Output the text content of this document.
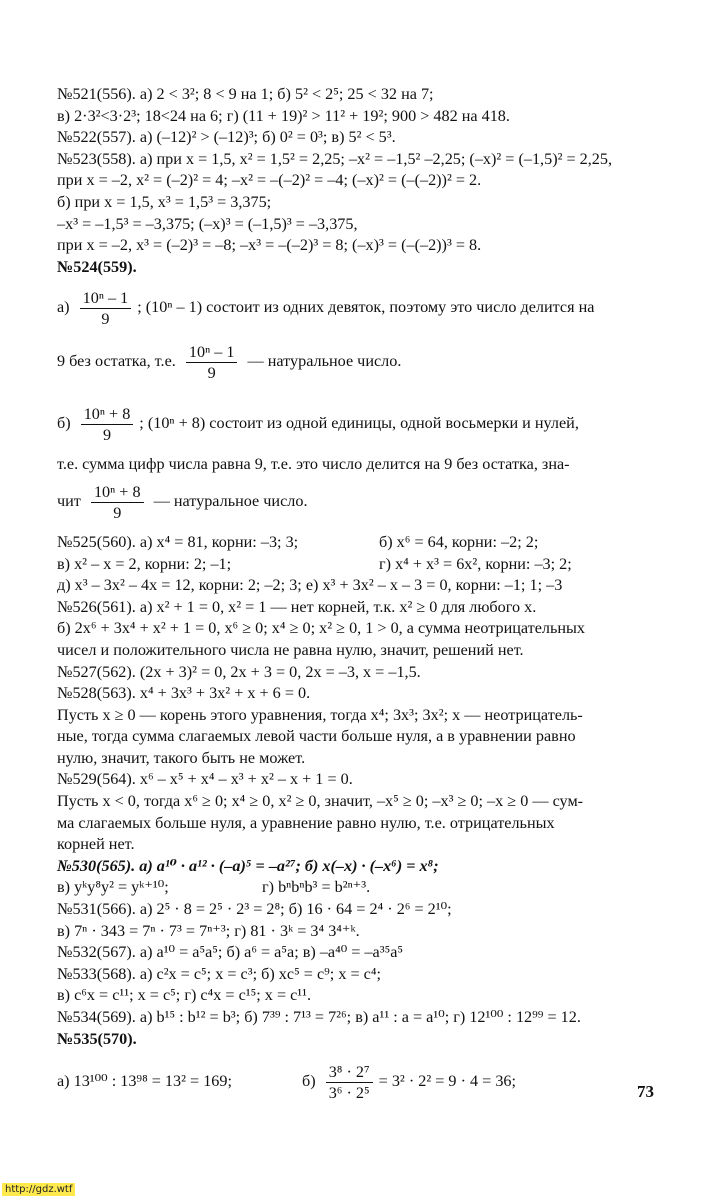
№521(556). а) 2 < 3²; 8 < 9 на 1; б) 5² < 2⁵; 25 < 32 на 7;
в) 2·3²<3·2³; 18<24 на 6; г) (11 + 19)² > 11² + 19²; 900 > 482 на 418.
№522(557). а) (–12)² > (–12)³; б) 0² = 0³; в) 5² < 5³.
№523(558). а) при x = 1,5, x² = 1,5² = 2,25; –x² = –1,5² –2,25; (–x)² = (–1,5)² = 2,25,
при x = –2, x² = (–2)² = 4; –x² = –(–2)² = –4; (–x)² = (–(–2))² = 2.
б) при x = 1,5, x³ = 1,5³ = 3,375;
–x³ = –1,5³ = –3,375; (–x)³ = (–1,5)³ = –3,375,
при x = –2, x³ = (–2)³ = –8; –x³ = –(–2)³ = 8; (–x)³ = (–(–2))³ = 8.
№524(559).
$а) \frac{\text{10ⁿ – 1}}{9}$ ; (10ⁿ – 1) состоит из одних девяток, поэтому это число делится на
9 без остатка, т.е. $\frac{\text{10ⁿ – 1}}{9}$ — натуральное число.
$б) \frac{\text{10ⁿ + 8}}{9}$ ; (10ⁿ + 8) состоит из одной единицы, одной восьмерки и нулей,
т.е. сумма цифр числа равна 9, т.е. это число делится на 9 без остатка, зна-
чит $\frac{\text{10ⁿ + 8}}{9}$ — натуральное число.
№525(560). а) x⁴ = 81, корни: –3; 3;	б) x⁶ = 64, корни: –2; 2;
в) x² – x = 2, корни: 2; –1;	г) x⁴ + x³ = 6x², корни: –3; 2;
д) x³ – 3x² – 4x = 12, корни: 2; –2; 3; е) x³ + 3x² – x – 3 = 0, корни: –1; 1; –3
№526(561). а) x² + 1 = 0, x² = 1 — нет корней, т.к. x² ≥ 0 для любого x.
б) 2x⁶ + 3x⁴ + x² + 1 = 0, x⁶ ≥ 0; x⁴ ≥ 0; x² ≥ 0, 1 > 0, а сумма неотрицательных
чисел и положительного числа не равна нулю, значит, решений нет.
№527(562). (2x + 3)² = 0, 2x + 3 = 0, 2x = –3, x = –1,5.
№528(563). x⁴ + 3x³ + 3x² + x + 6 = 0.
Пусть x ≥ 0 — корень этого уравнения, тогда x⁴; 3x³; 3x²; x — неотрицатель-
ные, тогда сумма слагаемых левой части больше нуля, а в уравнении равно
нулю, значит, такого быть не может.
№529(564). x⁶ – x⁵ + x⁴ – x³ + x² – x + 1 = 0.
Пусть x < 0, тогда x⁶ ≥ 0; x⁴ ≥ 0, x² ≥ 0, значит, –x⁵ ≥ 0; –x³ ≥ 0; –x ≥ 0 — сум-
ма слагаемых больше нуля, а уравнение равно нулю, т.е. отрицательных
корней нет.
№530(565). а) a¹⁰ · a¹² · (–a)⁵ = –a²⁷; б) x(–x) · (–x⁶) = x⁸;
в) yᵏy⁸y² = yᵏ⁺¹⁰;	г) bⁿbⁿb³ = b²ⁿ⁺³.
№531(566). а) 2⁵ · 8 = 2⁵ · 2³ = 2⁸; б) 16 · 64 = 2⁴ · 2⁶ = 2¹⁰;
в) 7ⁿ · 343 = 7ⁿ · 7³ = 7ⁿ⁺³; г) 81 · 3ᵏ = 3⁴ 3⁴⁺ᵏ.
№532(567). а) a¹⁰ = a⁵a⁵; б) a⁶ = a⁵a; в) –a⁴⁰ = –a³⁵a⁵
№533(568). а) c²x = c⁵; x = c³; б) xc⁵ = c⁹; x = c⁴;
в) c⁶x = c¹¹; x = c⁵; г) c⁴x = c¹⁵; x = c¹¹.
№534(569). а) b¹⁵ : b¹² = b³; б) 7³⁹ : 7¹³ = 7²⁶; в) a¹¹ : a = a¹⁰; г) 12¹⁰⁰ : 12⁹⁹ = 12.
№535(570).
а) 13¹⁰⁰ : 13⁹⁸ = 13² = 169;	$б) \frac{\text{3⁸ · 2⁷}}{\text{3⁶ · 2⁵}} = 3^2 \cdot 2^2 = 9 \cdot 4 = 36$;
73
http://gdz.wtf
